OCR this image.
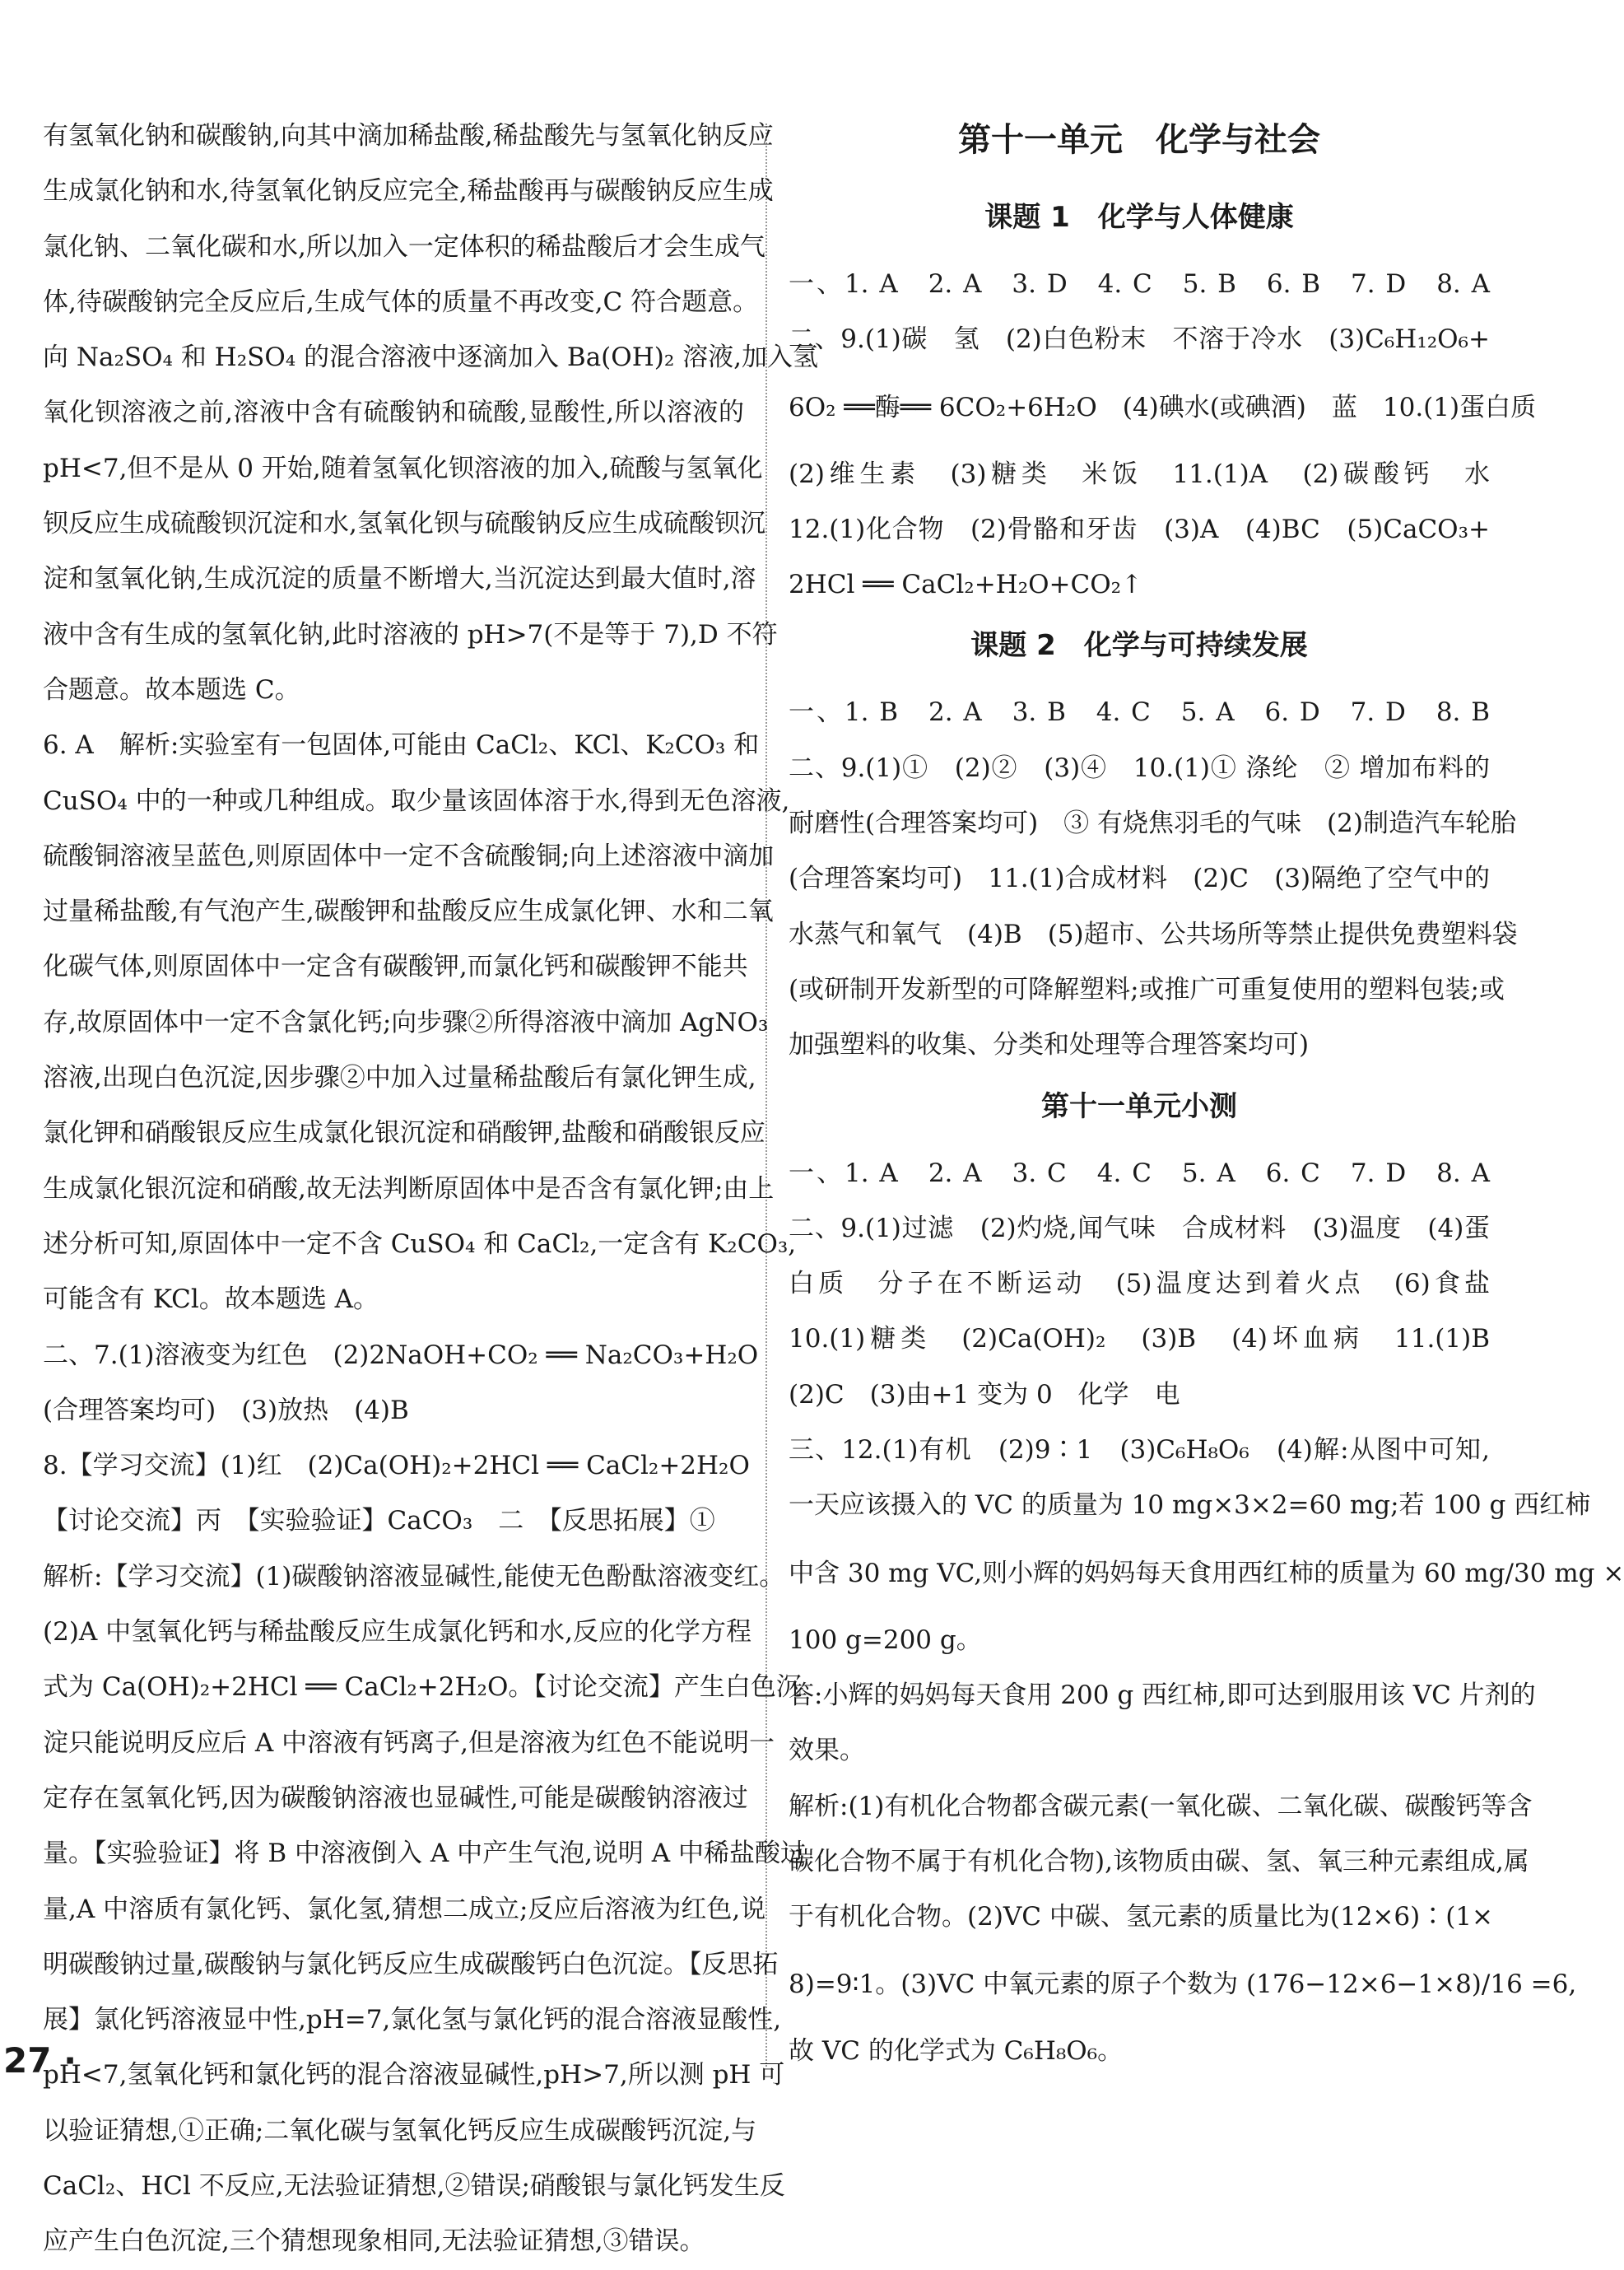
有氢氧化钠和碳酸钠,向其中滴加稀盐酸,稀盐酸先与氢氧化钠反应
生成氯化钠和水,待氢氧化钠反应完全,稀盐酸再与碳酸钠反应生成
氯化钠、二氧化碳和水,所以加入一定体积的稀盐酸后才会生成气
体,待碳酸钠完全反应后,生成气体的质量不再改变,C 符合题意。
向 Na₂SO₄ 和 H₂SO₄ 的混合溶液中逐滴加入 Ba(OH)₂ 溶液,加入氢
氧化钡溶液之前,溶液中含有硫酸钠和硫酸,显酸性,所以溶液的
pH<7,但不是从 0 开始,随着氢氧化钡溶液的加入,硫酸与氢氧化
钡反应生成硫酸钡沉淀和水,氢氧化钡与硫酸钠反应生成硫酸钡沉
淀和氢氧化钠,生成沉淀的质量不断增大,当沉淀达到最大值时,溶
液中含有生成的氢氧化钠,此时溶液的 pH>7(不是等于 7),D 不符
合题意。故本题选 C。
6. A　解析:实验室有一包固体,可能由 CaCl₂、KCl、K₂CO₃ 和
CuSO₄ 中的一种或几种组成。取少量该固体溶于水,得到无色溶液,
硫酸铜溶液呈蓝色,则原固体中一定不含硫酸铜;向上述溶液中滴加
过量稀盐酸,有气泡产生,碳酸钾和盐酸反应生成氯化钾、水和二氧
化碳气体,则原固体中一定含有碳酸钾,而氯化钙和碳酸钾不能共
存,故原固体中一定不含氯化钙;向步骤②所得溶液中滴加 AgNO₃
溶液,出现白色沉淀,因步骤②中加入过量稀盐酸后有氯化钾生成,
氯化钾和硝酸银反应生成氯化银沉淀和硝酸钾,盐酸和硝酸银反应
生成氯化银沉淀和硝酸,故无法判断原固体中是否含有氯化钾;由上
述分析可知,原固体中一定不含 CuSO₄ 和 CaCl₂,一定含有 K₂CO₃,
可能含有 KCl。故本题选 A。
二、7.(1)溶液变为红色　(2)2NaOH+CO₂ ══ Na₂CO₃+H₂O
(合理答案均可)　(3)放热　(4)B
8.【学习交流】(1)红　(2)Ca(OH)₂+2HCl ══ CaCl₂+2H₂O
【讨论交流】丙　【实验验证】CaCO₃　二　【反思拓展】①
解析:【学习交流】(1)碳酸钠溶液显碱性,能使无色酚酞溶液变红。
(2)A 中氢氧化钙与稀盐酸反应生成氯化钙和水,反应的化学方程
式为 Ca(OH)₂+2HCl ══ CaCl₂+2H₂O。【讨论交流】产生白色沉
淀只能说明反应后 A 中溶液有钙离子,但是溶液为红色不能说明一
定存在氢氧化钙,因为碳酸钠溶液也显碱性,可能是碳酸钠溶液过
量。【实验验证】将 B 中溶液倒入 A 中产生气泡,说明 A 中稀盐酸过
量,A 中溶质有氯化钙、氯化氢,猜想二成立;反应后溶液为红色,说
明碳酸钠过量,碳酸钠与氯化钙反应生成碳酸钙白色沉淀。【反思拓
展】氯化钙溶液显中性,pH=7,氯化氢与氯化钙的混合溶液显酸性,
pH<7,氢氧化钙和氯化钙的混合溶液显碱性,pH>7,所以测 pH 可
以验证猜想,①正确;二氧化碳与氢氧化钙反应生成碳酸钙沉淀,与
CaCl₂、HCl 不反应,无法验证猜想,②错误;硝酸银与氯化钙发生反
应产生白色沉淀,三个猜想现象相同,无法验证猜想,③错误。
第十一单元　化学与社会
课题 1　化学与人体健康
一、1. A　2. A　3. D　4. C　5. B　6. B　7. D　8. A
二、9.(1)碳　氢　(2)白色粉末　不溶于冷水　(3)C₆H₁₂O₆+
6O₂ ══酶══ 6CO₂+6H₂O　(4)碘水(或碘酒)　蓝　10.(1)蛋白质
(2)维生素　(3)糖类　米饭　11.(1)A　(2)碳酸钙　水
12.(1)化合物　(2)骨骼和牙齿　(3)A　(4)BC　(5)CaCO₃+
2HCl ══ CaCl₂+H₂O+CO₂↑
课题 2　化学与可持续发展
一、1. B　2. A　3. B　4. C　5. A　6. D　7. D　8. B
二、9.(1)①　(2)②　(3)④　10.(1)① 涤纶　② 增加布料的
耐磨性(合理答案均可)　③ 有烧焦羽毛的气味　(2)制造汽车轮胎
(合理答案均可)　11.(1)合成材料　(2)C　(3)隔绝了空气中的
水蒸气和氧气　(4)B　(5)超市、公共场所等禁止提供免费塑料袋
(或研制开发新型的可降解塑料;或推广可重复使用的塑料包装;或
加强塑料的收集、分类和处理等合理答案均可)
第十一单元小测
一、1. A　2. A　3. C　4. C　5. A　6. C　7. D　8. A
二、9.(1)过滤　(2)灼烧,闻气味　合成材料　(3)温度　(4)蛋
白质　分子在不断运动　(5)温度达到着火点　(6)食盐
10.(1)糖类　(2)Ca(OH)₂　(3)B　(4)坏血病　11.(1)B
(2)C　(3)由+1 变为 0　化学　电
三、12.(1)有机　(2)9∶1　(3)C₆H₈O₆　(4)解:从图中可知,
一天应该摄入的 VC 的质量为 10 mg×3×2=60 mg;若 100 g 西红柿
中含 30 mg VC,则小辉的妈妈每天食用西红柿的质量为 60 mg/30 mg ×
100 g=200 g。
答:小辉的妈妈每天食用 200 g 西红柿,即可达到服用该 VC 片剂的
效果。
解析:(1)有机化合物都含碳元素(一氧化碳、二氧化碳、碳酸钙等含
碳化合物不属于有机化合物),该物质由碳、氢、氧三种元素组成,属
于有机化合物。(2)VC 中碳、氢元素的质量比为(12×6)∶(1×
8)=9∶1。(3)VC 中氧元素的原子个数为 (176−12×6−1×8)/16 =6,
故 VC 的化学式为 C₆H₈O₆。
27 ·
